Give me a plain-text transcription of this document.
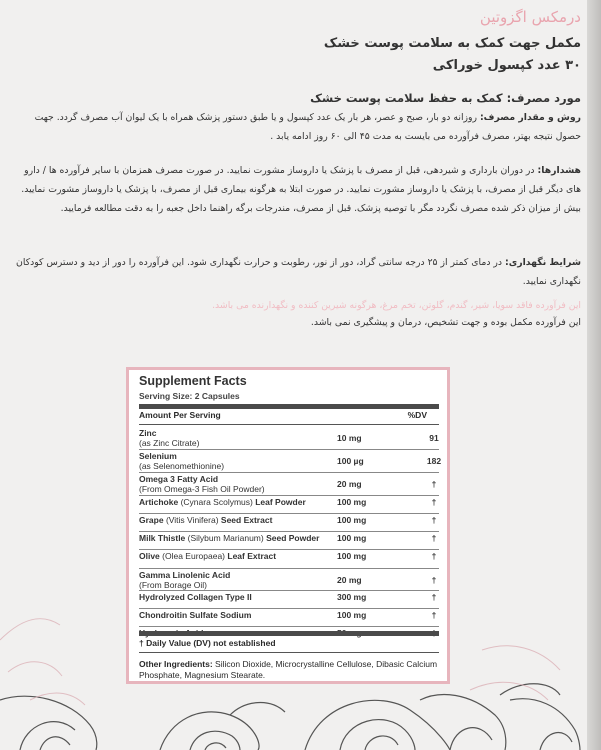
درمکس اگزوتین
مکمل جهت کمک به سلامت پوست خشک
۳۰ عدد کپسول خوراکی
مورد مصرف: کمک به حفظ سلامت پوست خشک
روش و مقدار مصرف: روزانه دو بار، صبح و عصر، هر بار یک عدد کپسول و یا طبق دستور پزشک همراه با یک لیوان آب مصرف گردد. جهت حصول نتیجه بهتر، مصرف فرآورده می بایست به مدت ۴۵ الی ۶۰ روز ادامه یابد .
هشدارها: در دوران بارداری و شیردهی، قبل از مصرف با پزشک یا داروساز مشورت نمایید. در صورت مصرف همزمان با سایر فرآورده ها / دارو های دیگر قبل از مصرف، با پزشک یا داروساز مشورت نمایید. در صورت ابتلا به هرگونه بیماری قبل از مصرف، با پزشک یا داروساز مشورت نمایید. بیش از میزان ذکر شده مصرف نگردد مگر با توصیه پزشک. قبل از مصرف، مندرجات برگه راهنما داخل جعبه را به دقت مطالعه فرمایید.
شرایط نگهداری: در دمای کمتر از ۲۵ درجه سانتی گراد، دور از نور، رطوبت و حرارت نگهداری شود. این فرآورده را دور از دید و دسترس کودکان نگهداری نمایید.
این فرآورده فاقد سویا، شیر، گندم، گلوتن، تخم مرغ، هرگونه شیرین کننده و نگهدارنده می باشد.
این فرآورده مکمل بوده و جهت تشخیص، درمان و پیشگیری نمی باشد.
Supplement Facts
Serving Size: 2 Capsules
Amount Per Serving	%DV
Zinc
(as Zinc Citrate)	10 mg	91
Selenium
(as Selenomethionine)	100 µg	182
Omega 3 Fatty Acid
(From Omega-3 Fish Oil Powder)	20 mg	†
Artichoke (Cynara Scolymus) Leaf Powder	100 mg	†
Grape (Vitis Vinifera) Seed Extract	100 mg	†
Milk Thistle (Silybum Marianum) Seed Powder 100 mg	†
Olive (Olea Europaea) Leaf Extract	100 mg	†
Gamma Linolenic Acid
(From Borage Oil)	20 mg	†
Hydrolyzed Collagen Type II	300 mg	†
Chondroitin Sulfate Sodium	100 mg	†
† Daily Value (DV) not established
Other Ingredients: Silicon Dioxide, Microcrystalline Cellulose, Dibasic Calcium Phosphate, Magnesium Stearate.
